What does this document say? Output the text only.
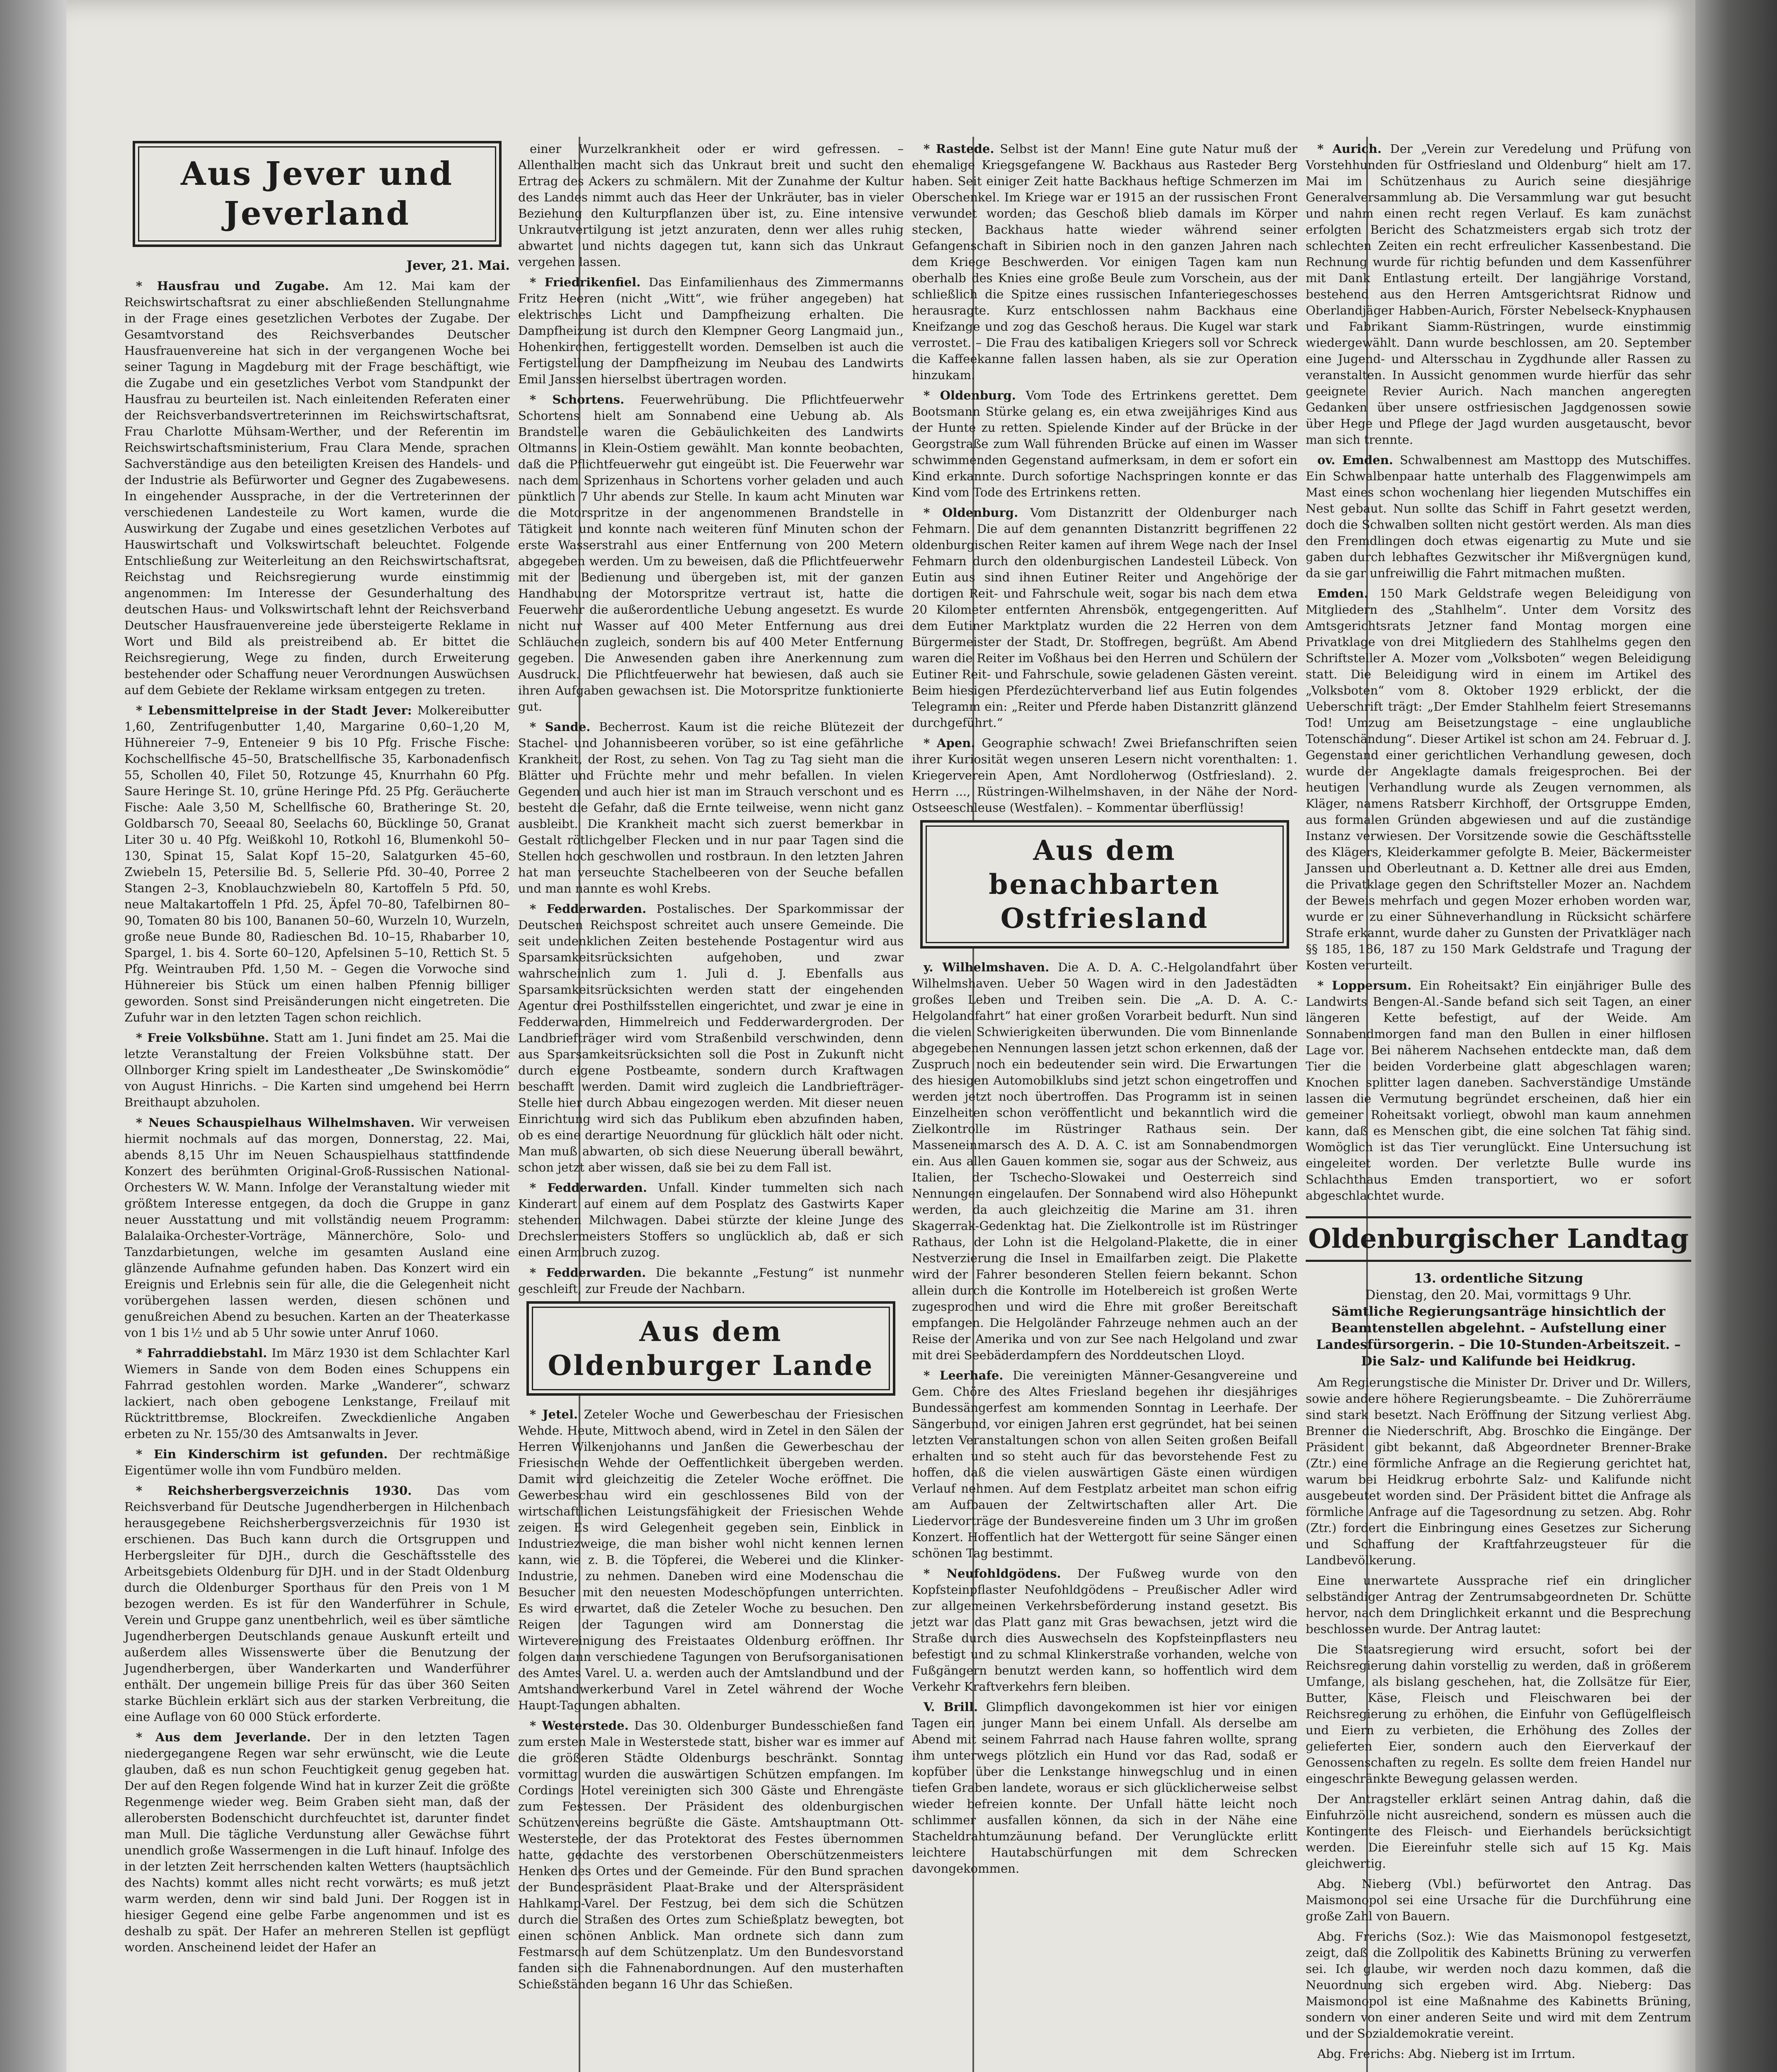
Aus Jever und Jeverland
Jever, 21. Mai.

* Hausfrau und Zugabe. Am 12. Mai kam der Reichswirtschaftsrat zu einer abschließenden Stellungnahme in der Frage eines gesetzlichen Verbotes der Zugabe. Der Gesamtvorstand des Reichsverbandes Deutscher Hausfrauenvereine hat sich in der vergangenen Woche bei seiner Tagung in Magdeburg mit der Frage beschäftigt, wie die Zugabe und ein gesetzliches Verbot vom Standpunkt der Hausfrau zu beurteilen ist. Nach einleitenden Referaten einer der Reichsverbandsvertreterinnen im Reichswirtschaftsrat, Frau Charlotte Mühsam-Werther, und der Referentin im Reichswirtschaftsministerium, Frau Clara Mende, sprachen Sachverständige aus den beteiligten Kreisen des Handels- und der Industrie als Befürworter und Gegner des Zugabewesens. In eingehender Aussprache, in der die Vertreterinnen der verschiedenen Landesteile zu Wort kamen, wurde die Auswirkung der Zugabe und eines gesetzlichen Verbotes auf Hauswirtschaft und Volkswirtschaft beleuchtet. Folgende Entschließung zur Weiterleitung an den Reichswirtschaftsrat, Reichstag und Reichsregierung wurde einstimmig angenommen: Im Interesse der Gesunderhaltung des deutschen Haus- und Volkswirtschaft lehnt der Reichsverband Deutscher Hausfrauenvereine jede übersteigerte Reklame in Wort und Bild als preistreibend ab. Er bittet die Reichsregierung, Wege zu finden, durch Erweiterung bestehender oder Schaffung neuer Verordnungen Auswüchsen auf dem Gebiete der Reklame wirksam entgegen zu treten.

* Lebensmittelpreise in der Stadt Jever: Molkereibutter 1,60, Zentrifugenbutter 1,40, Margarine 0,60–1,20 M, Hühnereier 7–9, Enteneier 9 bis 10 Pfg. Frische Fische: Kochschellfische 45–50, Bratschellfische 35, Karbonadenfisch 55, Schollen 40, Filet 50, Rotzunge 45, Knurrhahn 60 Pfg. Saure Heringe St. 10, grüne Heringe Pfd. 25 Pfg. Geräucherte Fische: Aale 3,50 M, Schellfische 60, Bratheringe St. 20, Goldbarsch 70, Seeaal 80, Seelachs 60, Bücklinge 50, Granat Liter 30 u. 40 Pfg. Weißkohl 10, Rotkohl 16, Blumenkohl 50–130, Spinat 15, Salat Kopf 15–20, Salatgurken 45–60, Zwiebeln 15, Petersilie Bd. 5, Sellerie Pfd. 30–40, Porree 2 Stangen 2–3, Knoblauchzwiebeln 80, Kartoffeln 5 Pfd. 50, neue Maltakartoffeln 1 Pfd. 25, Äpfel 70–80, Tafelbirnen 80–90, Tomaten 80 bis 100, Bananen 50–60, Wurzeln 10, Wurzeln, große neue Bunde 80, Radieschen Bd. 10–15, Rhabarber 10, Spargel, 1. bis 4. Sorte 60–120, Apfelsinen 5–10, Rettich St. 5 Pfg. Weintrauben Pfd. 1,50 M. – Gegen die Vorwoche sind Hühnereier bis Stück um einen halben Pfennig billiger geworden. Sonst sind Preisänderungen nicht eingetreten. Die Zufuhr war in den letzten Tagen schon reichlich.

* Freie Volksbühne. Statt am 1. Juni findet am 25. Mai die letzte Veranstaltung der Freien Volksbühne statt. Der Ollnborger Kring spielt im Landestheater „De Swinskomödie“ von August Hinrichs. – Die Karten sind umgehend bei Herrn Breithaupt abzuholen.

* Neues Schauspielhaus Wilhelmshaven. Wir verweisen hiermit nochmals auf das morgen, Donnerstag, 22. Mai, abends 8,15 Uhr im Neuen Schauspielhaus stattfindende Konzert des berühmten Original-Groß-Russischen National-Orchesters W. W. Mann. Infolge der Veranstaltung wieder mit größtem Interesse entgegen, da doch die Gruppe in ganz neuer Ausstattung und mit vollständig neuem Programm: Balalaika-Orchester-Vorträge, Männerchöre, Solo- und Tanzdarbietungen, welche im gesamten Ausland eine glänzende Aufnahme gefunden haben. Das Konzert wird ein Ereignis und Erlebnis sein für alle, die die Gelegenheit nicht vorübergehen lassen werden, diesen schönen und genußreichen Abend zu besuchen. Karten an der Theaterkasse von 1 bis 1½ und ab 5 Uhr sowie unter Anruf 1060.

* Fahrraddiebstahl. Im März 1930 ist dem Schlachter Karl Wiemers in Sande von dem Boden eines Schuppens ein Fahrrad gestohlen worden. Marke „Wanderer“, schwarz lackiert, nach oben gebogene Lenkstange, Freilauf mit Rücktrittbremse, Blockreifen. Zweckdienliche Angaben erbeten zu Nr. 155/30 des Amtsanwalts in Jever.

* Ein Kinderschirm ist gefunden. Der rechtmäßige Eigentümer wolle ihn vom Fundbüro melden.

* Reichsherbergsverzeichnis 1930. Das vom Reichsverband für Deutsche Jugendherbergen in Hilchenbach herausgegebene Reichsherbergsverzeichnis für 1930 ist erschienen. Das Buch kann durch die Ortsgruppen und Herbergsleiter für DJH., durch die Geschäftsstelle des Arbeitsgebiets Oldenburg für DJH. und in der Stadt Oldenburg durch die Oldenburger Sporthaus für den Preis von 1 M bezogen werden. Es ist für den Wanderführer in Schule, Verein und Gruppe ganz unentbehrlich, weil es über sämtliche Jugendherbergen Deutschlands genaue Auskunft erteilt und außerdem alles Wissenswerte über die Benutzung der Jugendherbergen, über Wanderkarten und Wanderführer enthält. Der ungemein billige Preis für das über 360 Seiten starke Büchlein erklärt sich aus der starken Verbreitung, die eine Auflage von 60 000 Stück erforderte.

* Aus dem Jeverlande. Der in den letzten Tagen niedergegangene Regen war sehr erwünscht, wie die Leute glauben, daß es nun schon Feuchtigkeit genug gegeben hat. Der auf den Regen folgende Wind hat in kurzer Zeit die größte Regenmenge wieder weg. Beim Graben sieht man, daß der allerobersten Bodenschicht durchfeuchtet ist, darunter findet man Mull. Die tägliche Verdunstung aller Gewächse führt unendlich große Wassermengen in die Luft hinauf. Infolge des in der letzten Zeit herrschenden kalten Wetters (hauptsächlich des Nachts) kommt alles nicht recht vorwärts; es muß jetzt warm werden, denn wir sind bald Juni. Der Roggen ist in hiesiger Gegend eine gelbe Farbe angenommen und ist es deshalb zu spät. Der Hafer an mehreren Stellen ist gepflügt worden. Anscheinend leidet der Hafer an

einer Wurzelkrankheit oder er wird gefressen. – Allenthalben macht sich das Unkraut breit und sucht den Ertrag des Ackers zu schmälern. Mit der Zunahme der Kultur des Landes nimmt auch das Heer der Unkräuter, bas in vieler Beziehung den Kulturpflanzen über ist, zu. Eine intensive Unkrautvertilgung ist jetzt anzuraten, denn wer alles ruhig abwartet und nichts dagegen tut, kann sich das Unkraut vergehen lassen.

* Friedrikenfiel. Das Einfamilienhaus des Zimmermanns Fritz Heeren (nicht „Witt“, wie früher angegeben) hat elektrisches Licht und Dampfheizung erhalten. Die Dampfheizung ist durch den Klempner Georg Langmaid jun., Hohenkirchen, fertiggestellt worden. Demselben ist auch die Fertigstellung der Dampfheizung im Neubau des Landwirts Emil Janssen hierselbst übertragen worden.

* Schortens. Feuerwehrübung. Die Pflichtfeuerwehr Schortens hielt am Sonnabend eine Uebung ab. Als Brandstelle waren die Gebäulichkeiten des Landwirts Oltmanns in Klein-Ostiem gewählt. Man konnte beobachten, daß die Pflichtfeuerwehr gut eingeübt ist. Die Feuerwehr war nach dem Sprizenhaus in Schortens vorher geladen und auch pünktlich 7 Uhr abends zur Stelle. In kaum acht Minuten war die Motorspritze in der angenommenen Brandstelle in Tätigkeit und konnte nach weiteren fünf Minuten schon der erste Wasserstrahl aus einer Entfernung von 200 Metern abgegeben werden. Um zu beweisen, daß die Pflichtfeuerwehr mit der Bedienung und übergeben ist, mit der ganzen Handhabung der Motorspritze vertraut ist, hatte die Feuerwehr die außerordentliche Uebung angesetzt. Es wurde nicht nur Wasser auf 400 Meter Entfernung aus drei Schläuchen zugleich, sondern bis auf 400 Meter Entfernung gegeben. Die Anwesenden gaben ihre Anerkennung zum Ausdruck. Die Pflichtfeuerwehr hat bewiesen, daß auch sie ihren Aufgaben gewachsen ist. Die Motorspritze funktionierte gut.

* Sande. Becherrost. Kaum ist die reiche Blütezeit der Stachel- und Johannisbeeren vorüber, so ist eine gefährliche Krankheit, der Rost, zu sehen. Von Tag zu Tag sieht man die Blätter und Früchte mehr und mehr befallen. In vielen Gegenden und auch hier ist man im Strauch verschont und es besteht die Gefahr, daß die Ernte teilweise, wenn nicht ganz ausbleibt. Die Krankheit macht sich zuerst bemerkbar in Gestalt rötlichgelber Flecken und in nur paar Tagen sind die Stellen hoch geschwollen und rostbraun. In den letzten Jahren hat man verseuchte Stachelbeeren von der Seuche befallen und man nannte es wohl Krebs.

* Fedderwarden. Postalisches. Der Sparkommissar der Deutschen Reichspost schreitet auch unsere Gemeinde. Die seit undenklichen Zeiten bestehende Postagentur wird aus Sparsamkeitsrücksichten aufgehoben, und zwar wahrscheinlich zum 1. Juli d. J. Ebenfalls aus Sparsamkeitsrücksichten werden statt der eingehenden Agentur drei Posthilfsstellen eingerichtet, und zwar je eine in Fedderwarden, Himmelreich und Fedderwardergroden. Der Landbriefträger wird vom Straßenbild verschwinden, denn aus Sparsamkeitsrücksichten soll die Post in Zukunft nicht durch eigene Postbeamte, sondern durch Kraftwagen beschafft werden. Damit wird zugleich die Landbriefträger-Stelle hier durch Abbau eingezogen werden. Mit dieser neuen Einrichtung wird sich das Publikum eben abzufinden haben, ob es eine derartige Neuordnung für glücklich hält oder nicht. Man muß abwarten, ob sich diese Neuerung überall bewährt, schon jetzt aber wissen, daß sie bei zu dem Fall ist.

* Fedderwarden. Unfall. Kinder tummelten sich nach Kinderart auf einem auf dem Posplatz des Gastwirts Kaper stehenden Milchwagen. Dabei stürzte der kleine Junge des Drechslermeisters Stoffers so unglücklich ab, daß er sich einen Armbruch zuzog.

* Fedderwarden. Die bekannte „Festung“ ist nunmehr geschleift, zur Freude der Nachbarn.

Aus dem Oldenburger Lande

* Jetel. Zeteler Woche und Gewerbeschau der Friesischen Wehde. Heute, Mittwoch abend, wird in Zetel in den Sälen der Herren Wilkenjohanns und Janßen die Gewerbeschau der Friesischen Wehde der Oeffentlichkeit übergeben werden. Damit wird gleichzeitig die Zeteler Woche eröffnet. Die Gewerbeschau wird ein geschlossenes Bild von der wirtschaftlichen Leistungsfähigkeit der Friesischen Wehde zeigen. Es wird Gelegenheit gegeben sein, Einblick in Industriezweige, die man bisher wohl nicht kennen lernen kann, wie z. B. die Töpferei, die Weberei und die Klinker-Industrie, zu nehmen. Daneben wird eine Modenschau die Besucher mit den neuesten Modeschöpfungen unterrichten. Es wird erwartet, daß die Zeteler Woche zu besuchen. Den Reigen der Tagungen wird am Donnerstag die Wirtevereinigung des Freistaates Oldenburg eröffnen. Ihr folgen dann verschiedene Tagungen von Berufsorganisationen des Amtes Varel. U. a. werden auch der Amtslandbund und der Amtshandwerkerbund Varel in Zetel während der Woche Haupt-Tagungen abhalten.

* Westerstede. Das 30. Oldenburger Bundesschießen fand zum ersten Male in Westerstede statt, bisher war es immer auf die größeren Städte Oldenburgs beschränkt. Sonntag vormittag wurden die auswärtigen Schützen empfangen. Im Cordings Hotel vereinigten sich 300 Gäste und Ehrengäste zum Festessen. Der Präsident des oldenburgischen Schützenvereins begrüßte die Gäste. Amtshauptmann Ott-Westerstede, der das Protektorat des Festes übernommen hatte, gedachte des verstorbenen Oberschützenmeisters Henken des Ortes und der Gemeinde. Für den Bund sprachen der Bundespräsident Plaat-Brake und der Alterspräsident Hahlkamp-Varel. Der Festzug, bei dem sich die Schützen durch die Straßen des Ortes zum Schießplatz bewegten, bot einen schönen Anblick. Man ordnete sich dann zum Festmarsch auf dem Schützenplatz. Um den Bundesvorstand fanden sich die Fahnenabordnungen. Auf den musterhaften Schießständen begann 16 Uhr das Schießen.

* Rastede. Selbst ist der Mann! Eine gute Natur muß der ehemalige Kriegsgefangene W. Backhaus aus Rasteder Berg haben. Seit einiger Zeit hatte Backhaus heftige Schmerzen im Oberschenkel. Im Kriege war er 1915 an der russischen Front verwundet worden; das Geschoß blieb damals im Körper stecken, Backhaus hatte wieder während seiner Gefangenschaft in Sibirien noch in den ganzen Jahren nach dem Kriege Beschwerden. Vor einigen Tagen kam nun oberhalb des Knies eine große Beule zum Vorschein, aus der schließlich die Spitze eines russischen Infanteriegeschosses herausragte. Kurz entschlossen nahm Backhaus eine Kneifzange und zog das Geschoß heraus. Die Kugel war stark verrostet. – Die Frau des katibaligen Kriegers soll vor Schreck die Kaffeekanne fallen lassen haben, als sie zur Operation hinzukam.

* Oldenburg. Vom Tode des Ertrinkens gerettet. Dem Bootsmann Stürke gelang es, ein etwa zweijähriges Kind aus der Hunte zu retten. Spielende Kinder auf der Brücke in der Georgstraße zum Wall führenden Brücke auf einen im Wasser schwimmenden Gegenstand aufmerksam, in dem er sofort ein Kind erkannte. Durch sofortige Nachspringen konnte er das Kind vom Tode des Ertrinkens retten.

* Oldenburg. Vom Distanzritt der Oldenburger nach Fehmarn. Die auf dem genannten Distanzritt begriffenen 22 oldenburgischen Reiter kamen auf ihrem Wege nach der Insel Fehmarn durch den oldenburgischen Landesteil Lübeck. Von Eutin aus sind ihnen Eutiner Reiter und Angehörige der dortigen Reit- und Fahrschule weit, sogar bis nach dem etwa 20 Kilometer entfernten Ahrensbök, entgegengeritten. Auf dem Eutiner Marktplatz wurden die 22 Herren von dem Bürgermeister der Stadt, Dr. Stoffregen, begrüßt. Am Abend waren die Reiter im Voßhaus bei den Herren und Schülern der Eutiner Reit- und Fahrschule, sowie geladenen Gästen vereint. Beim hiesigen Pferdezüchterverband lief aus Eutin folgendes Telegramm ein: „Reiter und Pferde haben Distanzritt glänzend durchgeführt.“

* Apen. Geographie schwach! Zwei Briefanschriften seien ihrer Kuriosität wegen unseren Lesern nicht vorenthalten: 1. Kriegerverein Apen, Amt Nordloherwog (Ostfriesland). 2. Herrn ..., Rüstringen-Wilhelmshaven, in der Nähe der Nord-Ostseeschleuse (Westfalen). – Kommentar überflüssig!

Aus dem benachbarten Ostfriesland

y. Wilhelmshaven. Die A. D. A. C.-Helgolandfahrt über Wilhelmshaven. Ueber 50 Wagen wird in den Jadestädten großes Leben und Treiben sein. Die „A. D. A. C.-Helgolandfahrt“ hat einer großen Vorarbeit bedurft. Nun sind die vielen Schwierigkeiten überwunden. Die vom Binnenlande abgegebenen Nennungen lassen jetzt schon erkennen, daß der Zuspruch noch ein bedeutender sein wird. Die Erwartungen des hiesigen Automobilklubs sind jetzt schon eingetroffen und werden jetzt noch übertroffen. Das Programm ist in seinen Einzelheiten schon veröffentlicht und bekanntlich wird die Zielkontrolle im Rüstringer Rathaus sein. Der Masseneinmarsch des A. D. A. C. ist am Sonnabendmorgen ein. Aus allen Gauen kommen sie, sogar aus der Schweiz, aus Italien, der Tschecho-Slowakei und Oesterreich sind Nennungen eingelaufen. Der Sonnabend wird also Höhepunkt werden, da auch gleichzeitig die Marine am 31. ihren Skagerrak-Gedenktag hat. Die Zielkontrolle ist im Rüstringer Rathaus, der Lohn ist die Helgoland-Plakette, die in einer Nestverzierung die Insel in Emailfarben zeigt. Die Plakette wird der Fahrer besonderen Stellen feiern bekannt. Schon allein durch die Kontrolle im Hotelbereich ist großen Werte zugesprochen und wird die Ehre mit großer Bereitschaft empfangen. Die Helgoländer Fahrzeuge nehmen auch an der Reise der Amerika und von zur See nach Helgoland und zwar mit drei Seebäderdampfern des Norddeutschen Lloyd.

* Leerhafe. Die vereinigten Männer-Gesangvereine und Gem. Chöre des Altes Friesland begehen ihr diesjähriges Bundessängerfest am kommenden Sonntag in Leerhafe. Der Sängerbund, vor einigen Jahren erst gegründet, hat bei seinen letzten Veranstaltungen schon von allen Seiten großen Beifall erhalten und so steht auch für das bevorstehende Fest zu hoffen, daß die vielen auswärtigen Gäste einen würdigen Verlauf nehmen. Auf dem Festplatz arbeitet man schon eifrig am Aufbauen der Zeltwirtschaften aller Art. Die Liedervorträge der Bundesvereine finden um 3 Uhr im großen Konzert. Hoffentlich hat der Wettergott für seine Sänger einen schönen Tag bestimmt.

* Neufohldgödens. Der Fußweg wurde von den Kopfsteinpflaster Neufohldgödens – Preußischer Adler wird zur allgemeinen Verkehrsbeförderung instand gesetzt. Bis jetzt war das Platt ganz mit Gras bewachsen, jetzt wird die Straße durch dies Auswechseln des Kopfsteinpflasters neu befestigt und zu schmal Klinkerstraße vorhanden, welche von Fußgängern benutzt werden kann, so hoffentlich wird dem Verkehr Kraftverkehrs fern bleiben.

V. Brill. Glimpflich davongekommen ist hier vor einigen Tagen ein junger Mann bei einem Unfall. Als derselbe am Abend mit seinem Fahrrad nach Hause fahren wollte, sprang ihm unterwegs plötzlich ein Hund vor das Rad, sodaß er kopfüber über die Lenkstange hinwegschlug und in einen tiefen Graben landete, woraus er sich glücklicherweise selbst wieder befreien konnte. Der Unfall hätte leicht noch schlimmer ausfallen können, da sich in der Nähe eine Stacheldrahtumzäunung befand. Der Verunglückte erlitt leichtere Hautabschürfungen mit dem Schrecken davongekommen.

* Aurich. Der „Verein zur Veredelung und Prüfung von Vorstehhunden für Ostfriesland und Oldenburg“ hielt am 17. Mai im Schützenhaus zu Aurich seine diesjährige Generalversammlung ab. Die Versammlung war gut besucht und nahm einen recht regen Verlauf. Es kam zunächst erfolgten Bericht des Schatzmeisters ergab sich trotz der schlechten Zeiten ein recht erfreulicher Kassenbestand. Die Rechnung wurde für richtig befunden und dem Kassenführer mit Dank Entlastung erteilt. Der langjährige Vorstand, bestehend aus den Herren Amtsgerichtsrat Ridnow und Oberlandjäger Habben-Aurich, Förster Nebelseck-Knyphausen und Fabrikant Siamm-Rüstringen, wurde einstimmig wiedergewählt. Dann wurde beschlossen, am 20. September eine Jugend- und Altersschau in Zygdhunde aller Rassen zu veranstalten. In Aussicht genommen wurde hierfür das sehr geeignete Revier Aurich. Nach manchen angeregten Gedanken über unsere ostfriesischen Jagdgenossen sowie über Hege und Pflege der Jagd wurden ausgetauscht, bevor man sich trennte.

ov. Emden. Schwalbennest am Masttopp des Mutschiffes. Ein Schwalbenpaar hatte unterhalb des Flaggenwimpels am Mast eines schon wochenlang hier liegenden Mutschiffes ein Nest gebaut. Nun sollte das Schiff in Fahrt gesetzt werden, doch die Schwalben sollten nicht gestört werden. Als man dies den Fremdlingen doch etwas eigenartig zu Mute und sie gaben durch lebhaftes Gezwitscher ihr Mißvergnügen kund, da sie gar unfreiwillig die Fahrt mitmachen mußten.

Emden. 150 Mark Geldstrafe wegen Beleidigung von Mitgliedern des „Stahlhelm“. Unter dem Vorsitz des Amtsgerichtsrats Jetzner fand Montag morgen eine Privatklage von drei Mitgliedern des Stahlhelms gegen den Schriftsteller A. Mozer vom „Volksboten“ wegen Beleidigung statt. Die Beleidigung wird in einem im Artikel des „Volksboten“ vom 8. Oktober 1929 erblickt, der die Ueberschrift trägt: „Der Emder Stahlhelm feiert Stresemanns Tod! Umzug am Beisetzungstage – eine unglaubliche Totenschändung“. Dieser Artikel ist schon am 24. Februar d. J. Gegenstand einer gerichtlichen Verhandlung gewesen, doch wurde der Angeklagte damals freigesprochen. Bei der heutigen Verhandlung wurde als Zeugen vernommen, als Kläger, namens Ratsberr Kirchhoff, der Ortsgruppe Emden, aus formalen Gründen abgewiesen und auf die zuständige Instanz verwiesen. Der Vorsitzende sowie die Geschäftsstelle des Klägers, Kleiderkammer gefolgte B. Meier, Bäckermeister Janssen und Oberleutnant a. D. Kettner alle drei aus Emden, die Privatklage gegen den Schriftsteller Mozer an. Nachdem der Beweis mehrfach und gegen Mozer erhoben worden war, wurde er zu einer Sühneverhandlung in Rücksicht schärfere Strafe erkannt, wurde daher zu Gunsten der Privatkläger nach §§ 185, 186, 187 zu 150 Mark Geldstrafe und Tragung der Kosten verurteilt.

* Loppersum. Ein Roheitsakt? Ein einjähriger Bulle des Landwirts Bengen-Al.-Sande befand sich seit Tagen, an einer längeren Kette befestigt, auf der Weide. Am Sonnabendmorgen fand man den Bullen in einer hilflosen Lage vor. Bei näherem Nachsehen entdeckte man, daß dem Tier die beiden Vorderbeine glatt abgeschlagen waren; Knochen splitter lagen daneben. Sachverständige Umstände lassen die Vermutung begründet erscheinen, daß hier ein gemeiner Roheitsakt vorliegt, obwohl man kaum annehmen kann, daß es Menschen gibt, die eine solchen Tat fähig sind. Womöglich ist das Tier verunglückt. Eine Untersuchung ist eingeleitet worden. Der verletzte Bulle wurde ins Schlachthaus Emden transportiert, wo er sofort abgeschlachtet wurde.

Oldenburgischer Landtag
13. ordentliche Sitzung
Dienstag, den 20. Mai, vormittags 9 Uhr.
Sämtliche Regierungsanträge hinsichtlich der Beamtenstellen abgelehnt. – Aufstellung einer Landesfürsorgerin. – Die 10-Stunden-Arbeitszeit. – Die Salz- und Kalifunde bei Heidkrug.

Am Regierungstische die Minister Dr. Driver und Dr. Willers, sowie andere höhere Regierungsbeamte. – Die Zuhörerräume sind stark besetzt. Nach Eröffnung der Sitzung verliest Abg. Brenner die Niederschrift, Abg. Broschko die Eingänge. Der Präsident gibt bekannt, daß Abgeordneter Brenner-Brake (Ztr.) eine förmliche Anfrage an die Regierung gerichtet hat, warum bei Heidkrug erbohrte Salz- und Kalifunde nicht ausgebeutet worden sind. Der Präsident bittet die Anfrage als förmliche Anfrage auf die Tagesordnung zu setzen. Abg. Rohr (Ztr.) fordert die Einbringung eines Gesetzes zur Sicherung und Schaffung der Kraftfahrzeugsteuer für die Landbevölkerung.

Eine unerwartete Aussprache rief ein dringlicher selbständiger Antrag der Zentrumsabgeordneten Dr. Schütte hervor, nach dem Dringlichkeit erkannt und die Besprechung beschlossen wurde. Der Antrag lautet:

Die Staatsregierung wird ersucht, sofort bei der Reichsregierung dahin vorstellig zu werden, daß in größerem Umfange, als bislang geschehen, hat, die Zollsätze für Eier, Butter, Käse, Fleisch und Fleischwaren bei der Reichsregierung zu erhöhen, die Einfuhr von Geflügelfleisch und Eiern zu verbieten, die Erhöhung des Zolles der gelieferten Eier, sondern auch den Eierverkauf der Genossenschaften zu regeln. Es sollte dem freien Handel nur eingeschränkte Bewegung gelassen werden.

Der Antragsteller erklärt seinen Antrag dahin, daß die Einfuhrzölle nicht ausreichend, sondern es müssen auch die Kontingente des Fleisch- und Eierhandels berücksichtigt werden. Die Eiereinfuhr stelle sich auf 15 Kg. Mais gleichwertig.

Abg. Nieberg (Vbl.) befürwortet den Antrag. Das Maismonopol sei eine Ursache für die Durchführung eine große Zahl von Bauern.

Abg. Frerichs (Soz.): Wie das Maismonopol festgesetzt, zeigt, daß die Zollpolitik des Kabinetts Brüning zu verwerfen sei. Ich glaube, wir werden noch dazu kommen, daß die Neuordnung sich ergeben wird. Abg. Nieberg: Das Maismonopol ist eine Maßnahme des Kabinetts Brüning, sondern von einer anderen Seite und wird mit dem Zentrum und der Sozialdemokratie vereint.

Abg. Frerichs: Abg. Nieberg ist im Irrtum.
